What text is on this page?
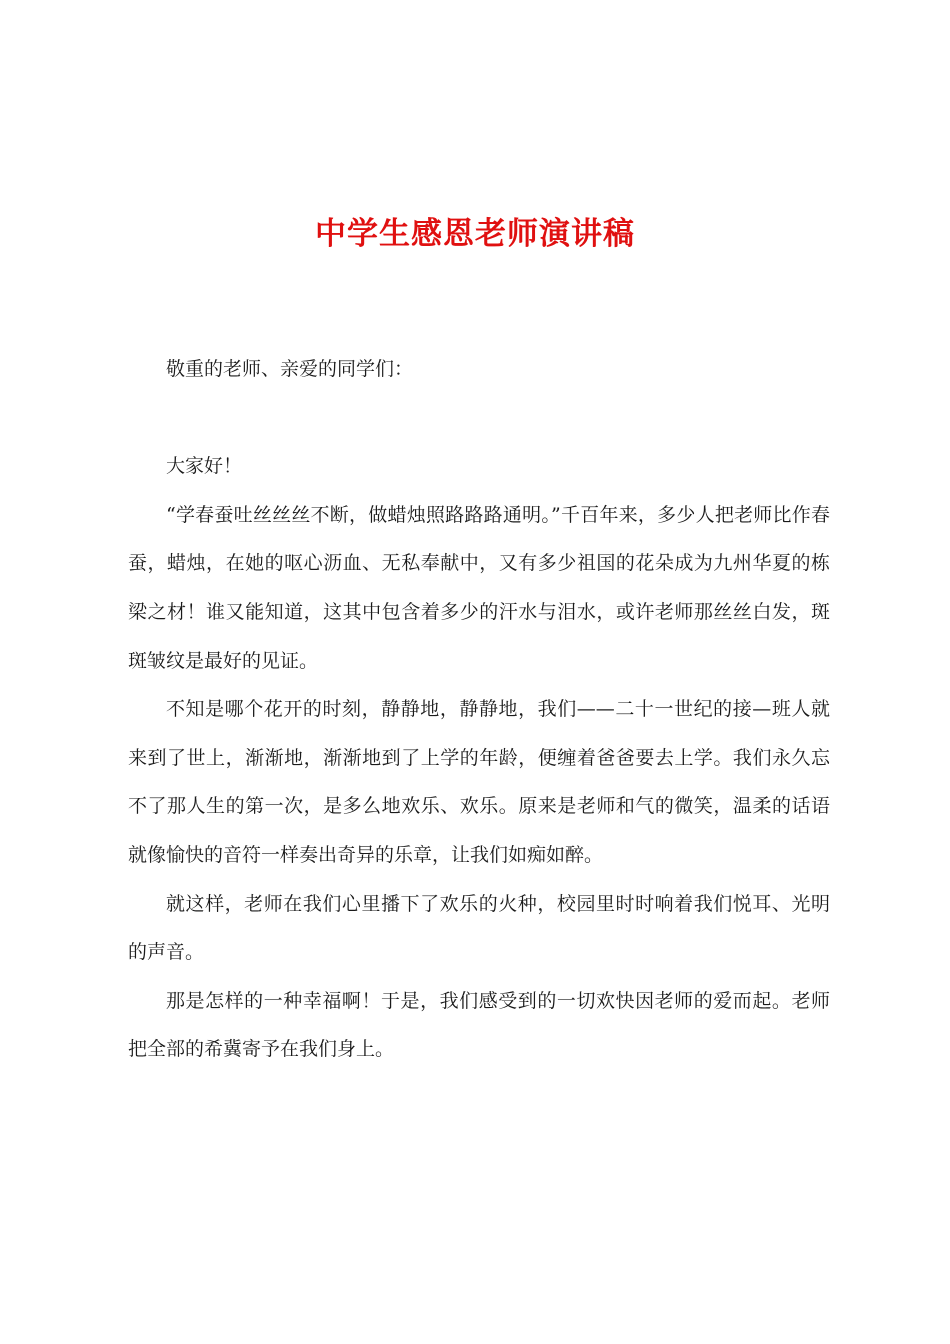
中学生感恩老师演讲稿

敬重的老师、亲爱的同学们：

大家好！

“学春蚕吐丝丝丝不断，做蜡烛照路路路通明。”千百年来，多少人把老师比作春蚕，蜡烛，在她的呕心沥血、无私奉献中，又有多少祖国的花朵成为九州华夏的栋梁之材！谁又能知道，这其中包含着多少的汗水与泪水，或许老师那丝丝白发，斑斑皱纹是最好的见证。

不知是哪个花开的时刻，静静地，静静地，我们——二十一世纪的接—班人就来到了世上，渐渐地，渐渐地到了上学的年龄，便缠着爸爸要去上学。我们永久忘不了那人生的第一次，是多么地欢乐、欢乐。原来是老师和气的微笑，温柔的话语就像愉快的音符一样奏出奇异的乐章，让我们如痴如醉。

就这样，老师在我们心里播下了欢乐的火种，校园里时时响着我们悦耳、光明的声音。

那是怎样的一种幸福啊！于是，我们感受到的一切欢快因老师的爱而起。老师把全部的希冀寄予在我们身上。
